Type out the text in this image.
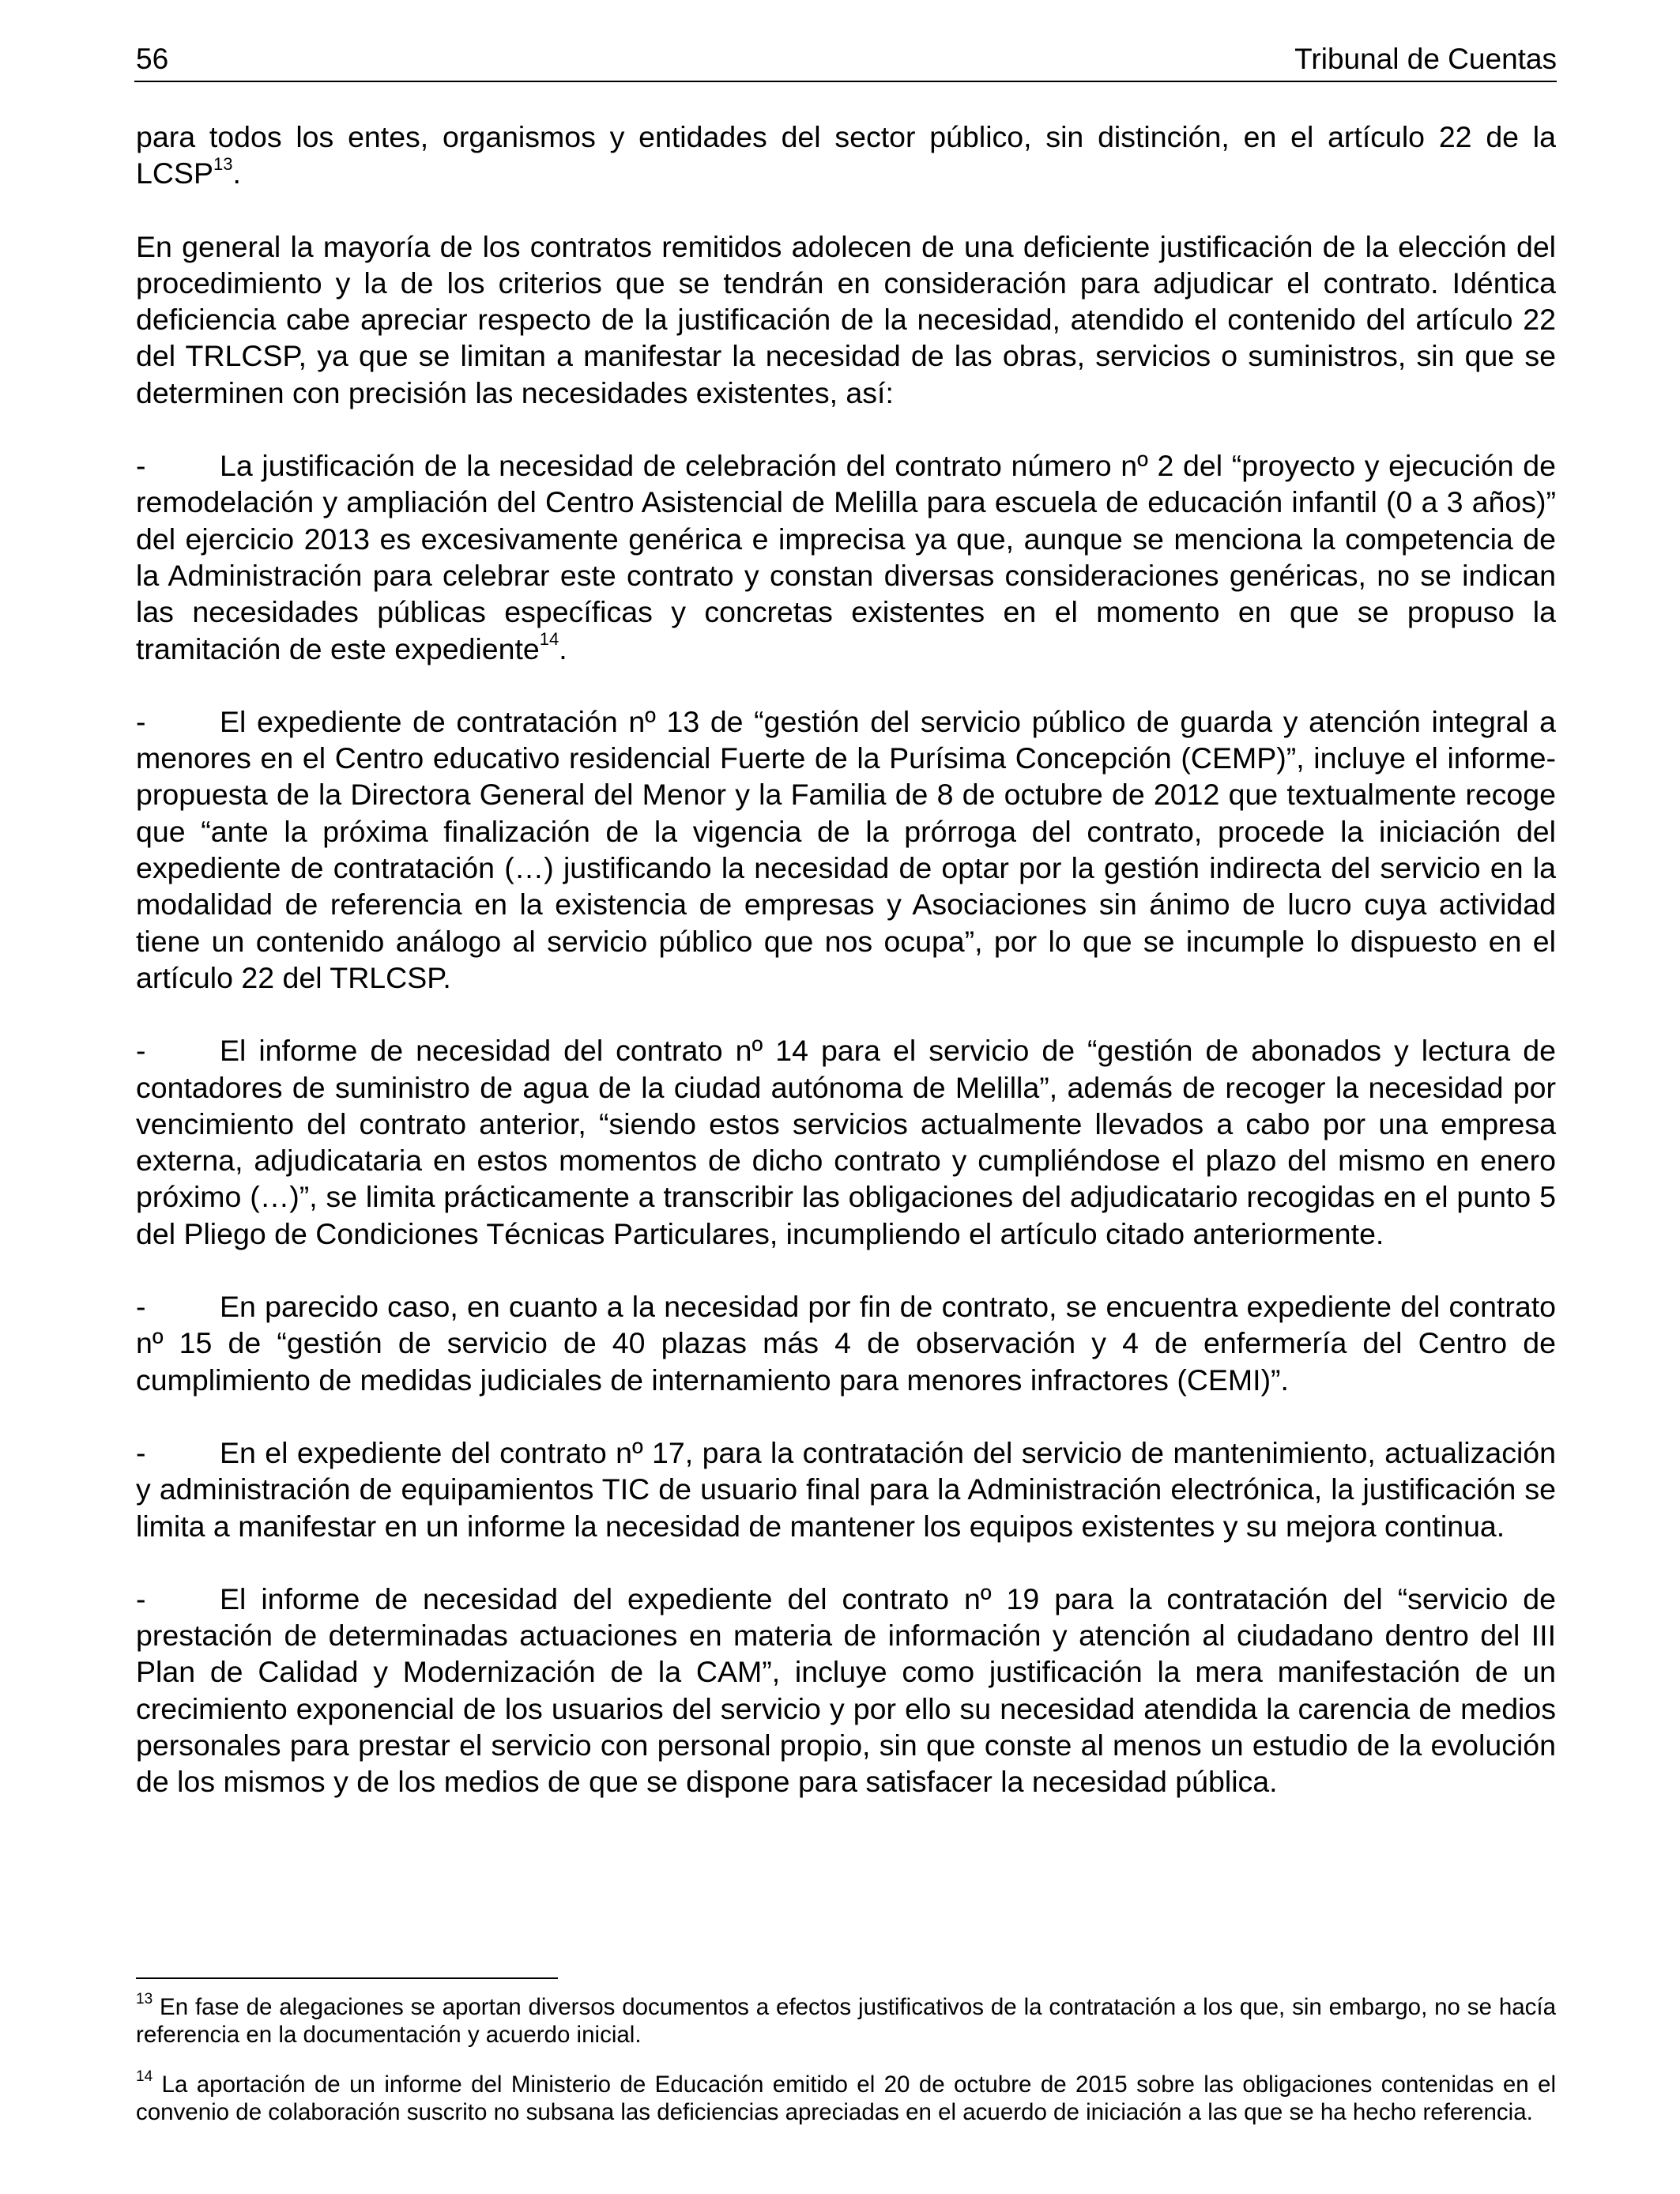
56	Tribunal de Cuentas

para todos los entes, organismos y entidades del sector público, sin distinción, en el artículo 22 de la LCSP$^{13}$.

En general la mayoría de los contratos remitidos adolecen de una deficiente justificación de la elección del procedimiento y la de los criterios que se tendrán en consideración para adjudicar el contrato. Idéntica deficiencia cabe apreciar respecto de la justificación de la necesidad, atendido el contenido del artículo 22 del TRLCSP, ya que se limitan a manifestar la necesidad de las obras, servicios o suministros, sin que se determinen con precisión las necesidades existentes, así:

- La justificación de la necesidad de celebración del contrato número nº 2 del “proyecto y ejecución de remodelación y ampliación del Centro Asistencial de Melilla para escuela de educación infantil (0 a 3 años)” del ejercicio 2013 es excesivamente genérica e imprecisa ya que, aunque se menciona la competencia de la Administración para celebrar este contrato y constan diversas consideraciones genéricas, no se indican las necesidades públicas específicas y concretas existentes en el momento en que se propuso la tramitación de este expediente$^{14}$.

- El expediente de contratación nº 13 de “gestión del servicio público de guarda y atención integral a menores en el Centro educativo residencial Fuerte de la Purísima Concepción (CEMP)”, incluye el informe-propuesta de la Directora General del Menor y la Familia de 8 de octubre de 2012 que textualmente recoge que “ante la próxima finalización de la vigencia de la prórroga del contrato, procede la iniciación del expediente de contratación (…) justificando la necesidad de optar por la gestión indirecta del servicio en la modalidad de referencia en la existencia de empresas y Asociaciones sin ánimo de lucro cuya actividad tiene un contenido análogo al servicio público que nos ocupa”, por lo que se incumple lo dispuesto en el artículo 22 del TRLCSP.

- El informe de necesidad del contrato nº 14 para el servicio de “gestión de abonados y lectura de contadores de suministro de agua de la ciudad autónoma de Melilla”, además de recoger la necesidad por vencimiento del contrato anterior, “siendo estos servicios actualmente llevados a cabo por una empresa externa, adjudicataria en estos momentos de dicho contrato y cumpliéndose el plazo del mismo en enero próximo (…)”, se limita prácticamente a transcribir las obligaciones del adjudicatario recogidas en el punto 5 del Pliego de Condiciones Técnicas Particulares, incumpliendo el artículo citado anteriormente.

- En parecido caso, en cuanto a la necesidad por fin de contrato, se encuentra expediente del contrato nº 15 de “gestión de servicio de 40 plazas más 4 de observación y 4 de enfermería del Centro de cumplimiento de medidas judiciales de internamiento para menores infractores (CEMI)”.

- En el expediente del contrato nº 17, para la contratación del servicio de mantenimiento, actualización y administración de equipamientos TIC de usuario final para la Administración electrónica, la justificación se limita a manifestar en un informe la necesidad de mantener los equipos existentes y su mejora continua.

- El informe de necesidad del expediente del contrato nº 19 para la contratación del “servicio de prestación de determinadas actuaciones en materia de información y atención al ciudadano dentro del III Plan de Calidad y Modernización de la CAM”, incluye como justificación la mera manifestación de un crecimiento exponencial de los usuarios del servicio y por ello su necesidad atendida la carencia de medios personales para prestar el servicio con personal propio, sin que conste al menos un estudio de la evolución de los mismos y de los medios de que se dispone para satisfacer la necesidad pública.

$^{13}$ En fase de alegaciones se aportan diversos documentos a efectos justificativos de la contratación a los que, sin embargo, no se hacía referencia en la documentación y acuerdo inicial.

$^{14}$ La aportación de un informe del Ministerio de Educación emitido el 20 de octubre de 2015 sobre las obligaciones contenidas en el convenio de colaboración suscrito no subsana las deficiencias apreciadas en el acuerdo de iniciación a las que se ha hecho referencia.
